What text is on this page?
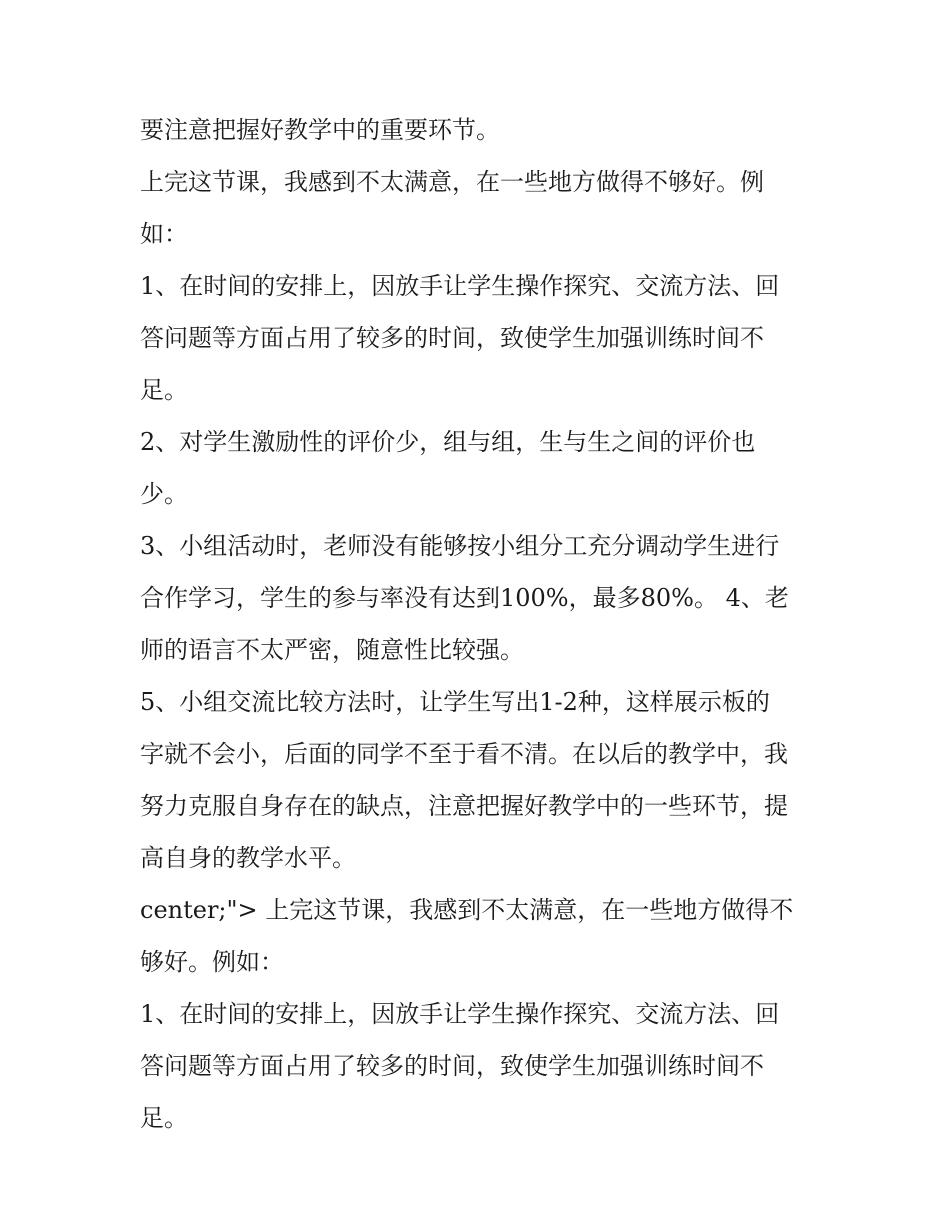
要注意把握好教学中的重要环节。
上完这节课，我感到不太满意，在一些地方做得不够好。例
如：
1、在时间的安排上，因放手让学生操作探究、交流方法、回
答问题等方面占用了较多的时间，致使学生加强训练时间不
足。
2、对学生激励性的评价少，组与组，生与生之间的评价也
少。
3、小组活动时，老师没有能够按小组分工充分调动学生进行
合作学习，学生的参与率没有达到100%，最多80%。 4、老
师的语言不太严密，随意性比较强。
5、小组交流比较方法时，让学生写出1-2种，这样展示板的
字就不会小，后面的同学不至于看不清。在以后的教学中，我
努力克服自身存在的缺点，注意把握好教学中的一些环节，提
高自身的教学水平。
center;"> 上完这节课，我感到不太满意，在一些地方做得不
够好。例如：
1、在时间的安排上，因放手让学生操作探究、交流方法、回
答问题等方面占用了较多的时间，致使学生加强训练时间不
足。
